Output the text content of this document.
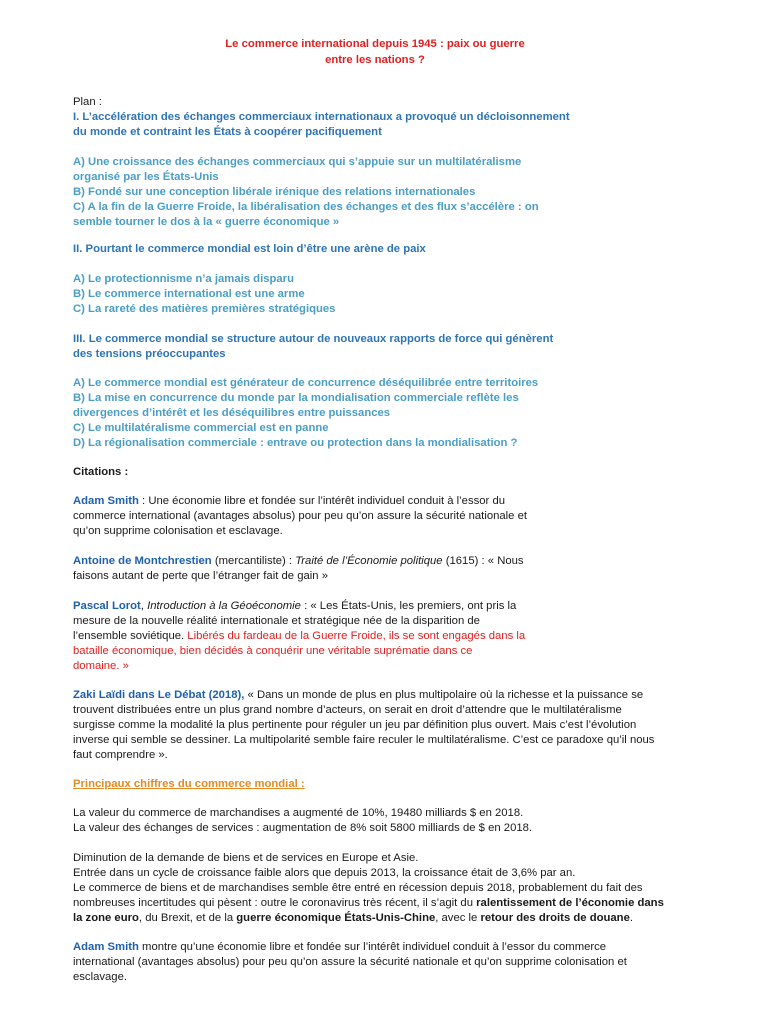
Le commerce international depuis 1945 : paix ou guerre

entre les nations ?

Plan :

I. L’accélération des échanges commerciaux internationaux a provoqué un décloisonnement

du monde et contraint les États à coopérer pacifiquement

A) Une croissance des échanges commerciaux qui s’appuie sur un multilatéralisme

organisé par les États-Unis

B) Fondé sur une conception libérale irénique des relations internationales

C) A la fin de la Guerre Froide, la libéralisation des échanges et des flux s’accélère : on

semble tourner le dos à la « guerre économique »

II. Pourtant le commerce mondial est loin d’être une arène de paix

A) Le protectionnisme n’a jamais disparu

B) Le commerce international est une arme

C) La rareté des matières premières stratégiques

III. Le commerce mondial se structure autour de nouveaux rapports de force qui génèrent

des tensions préoccupantes

A) Le commerce mondial est générateur de concurrence déséquilibrée entre territoires

B) La mise en concurrence du monde par la mondialisation commerciale reflète les

divergences d’intérêt et les déséquilibres entre puissances

C) Le multilatéralisme commercial est en panne

D) La régionalisation commerciale : entrave ou protection dans la mondialisation ?

Citations :

Adam Smith : Une économie libre et fondée sur l’intérêt individuel conduit à l’essor du

commerce international (avantages absolus) pour peu qu’on assure la sécurité nationale et

qu’on supprime colonisation et esclavage.

Antoine de Montchrestien (mercantiliste) : Traité de l’Économie politique (1615) : « Nous

faisons autant de perte que l’étranger fait de gain »

Pascal Lorot, Introduction à la Géoéconomie : « Les États-Unis, les premiers, ont pris la

mesure de la nouvelle réalité internationale et stratégique née de la disparition de

l’ensemble soviétique. Libérés du fardeau de la Guerre Froide, ils se sont engagés dans la

bataille économique, bien décidés à conquérir une véritable suprématie dans ce

domaine. »

Zaki Laïdi dans Le Débat (2018), « Dans un monde de plus en plus multipolaire où la richesse et la puissance se

trouvent distribuées entre un plus grand nombre d’acteurs, on serait en droit d’attendre que le multilatéralisme

surgisse comme la modalité la plus pertinente pour réguler un jeu par définition plus ouvert. Mais c’est l’évolution

inverse qui semble se dessiner. La multipolarité semble faire reculer le multilatéralisme. C’est ce paradoxe qu’il nous

faut comprendre ».

Principaux chiffres du commerce mondial :

La valeur du commerce de marchandises a augmenté de 10%, 19480 milliards $ en 2018.

La valeur des échanges de services : augmentation de 8% soit 5800 milliards de $ en 2018.

Diminution de la demande de biens et de services en Europe et Asie.

Entrée dans un cycle de croissance faible alors que depuis 2013, la croissance était de 3,6% par an.

Le commerce de biens et de marchandises semble être entré en récession depuis 2018, probablement du fait des

nombreuses incertitudes qui pèsent : outre le coronavirus très récent, il s’agit du ralentissement de l’économie dans

la zone euro, du Brexit, et de la guerre économique États-Unis-Chine, avec le retour des droits de douane.

Adam Smith montre qu’une économie libre et fondée sur l’intérêt individuel conduit à l’essor du commerce

international (avantages absolus) pour peu qu’on assure la sécurité nationale et qu’on supprime colonisation et

esclavage.
